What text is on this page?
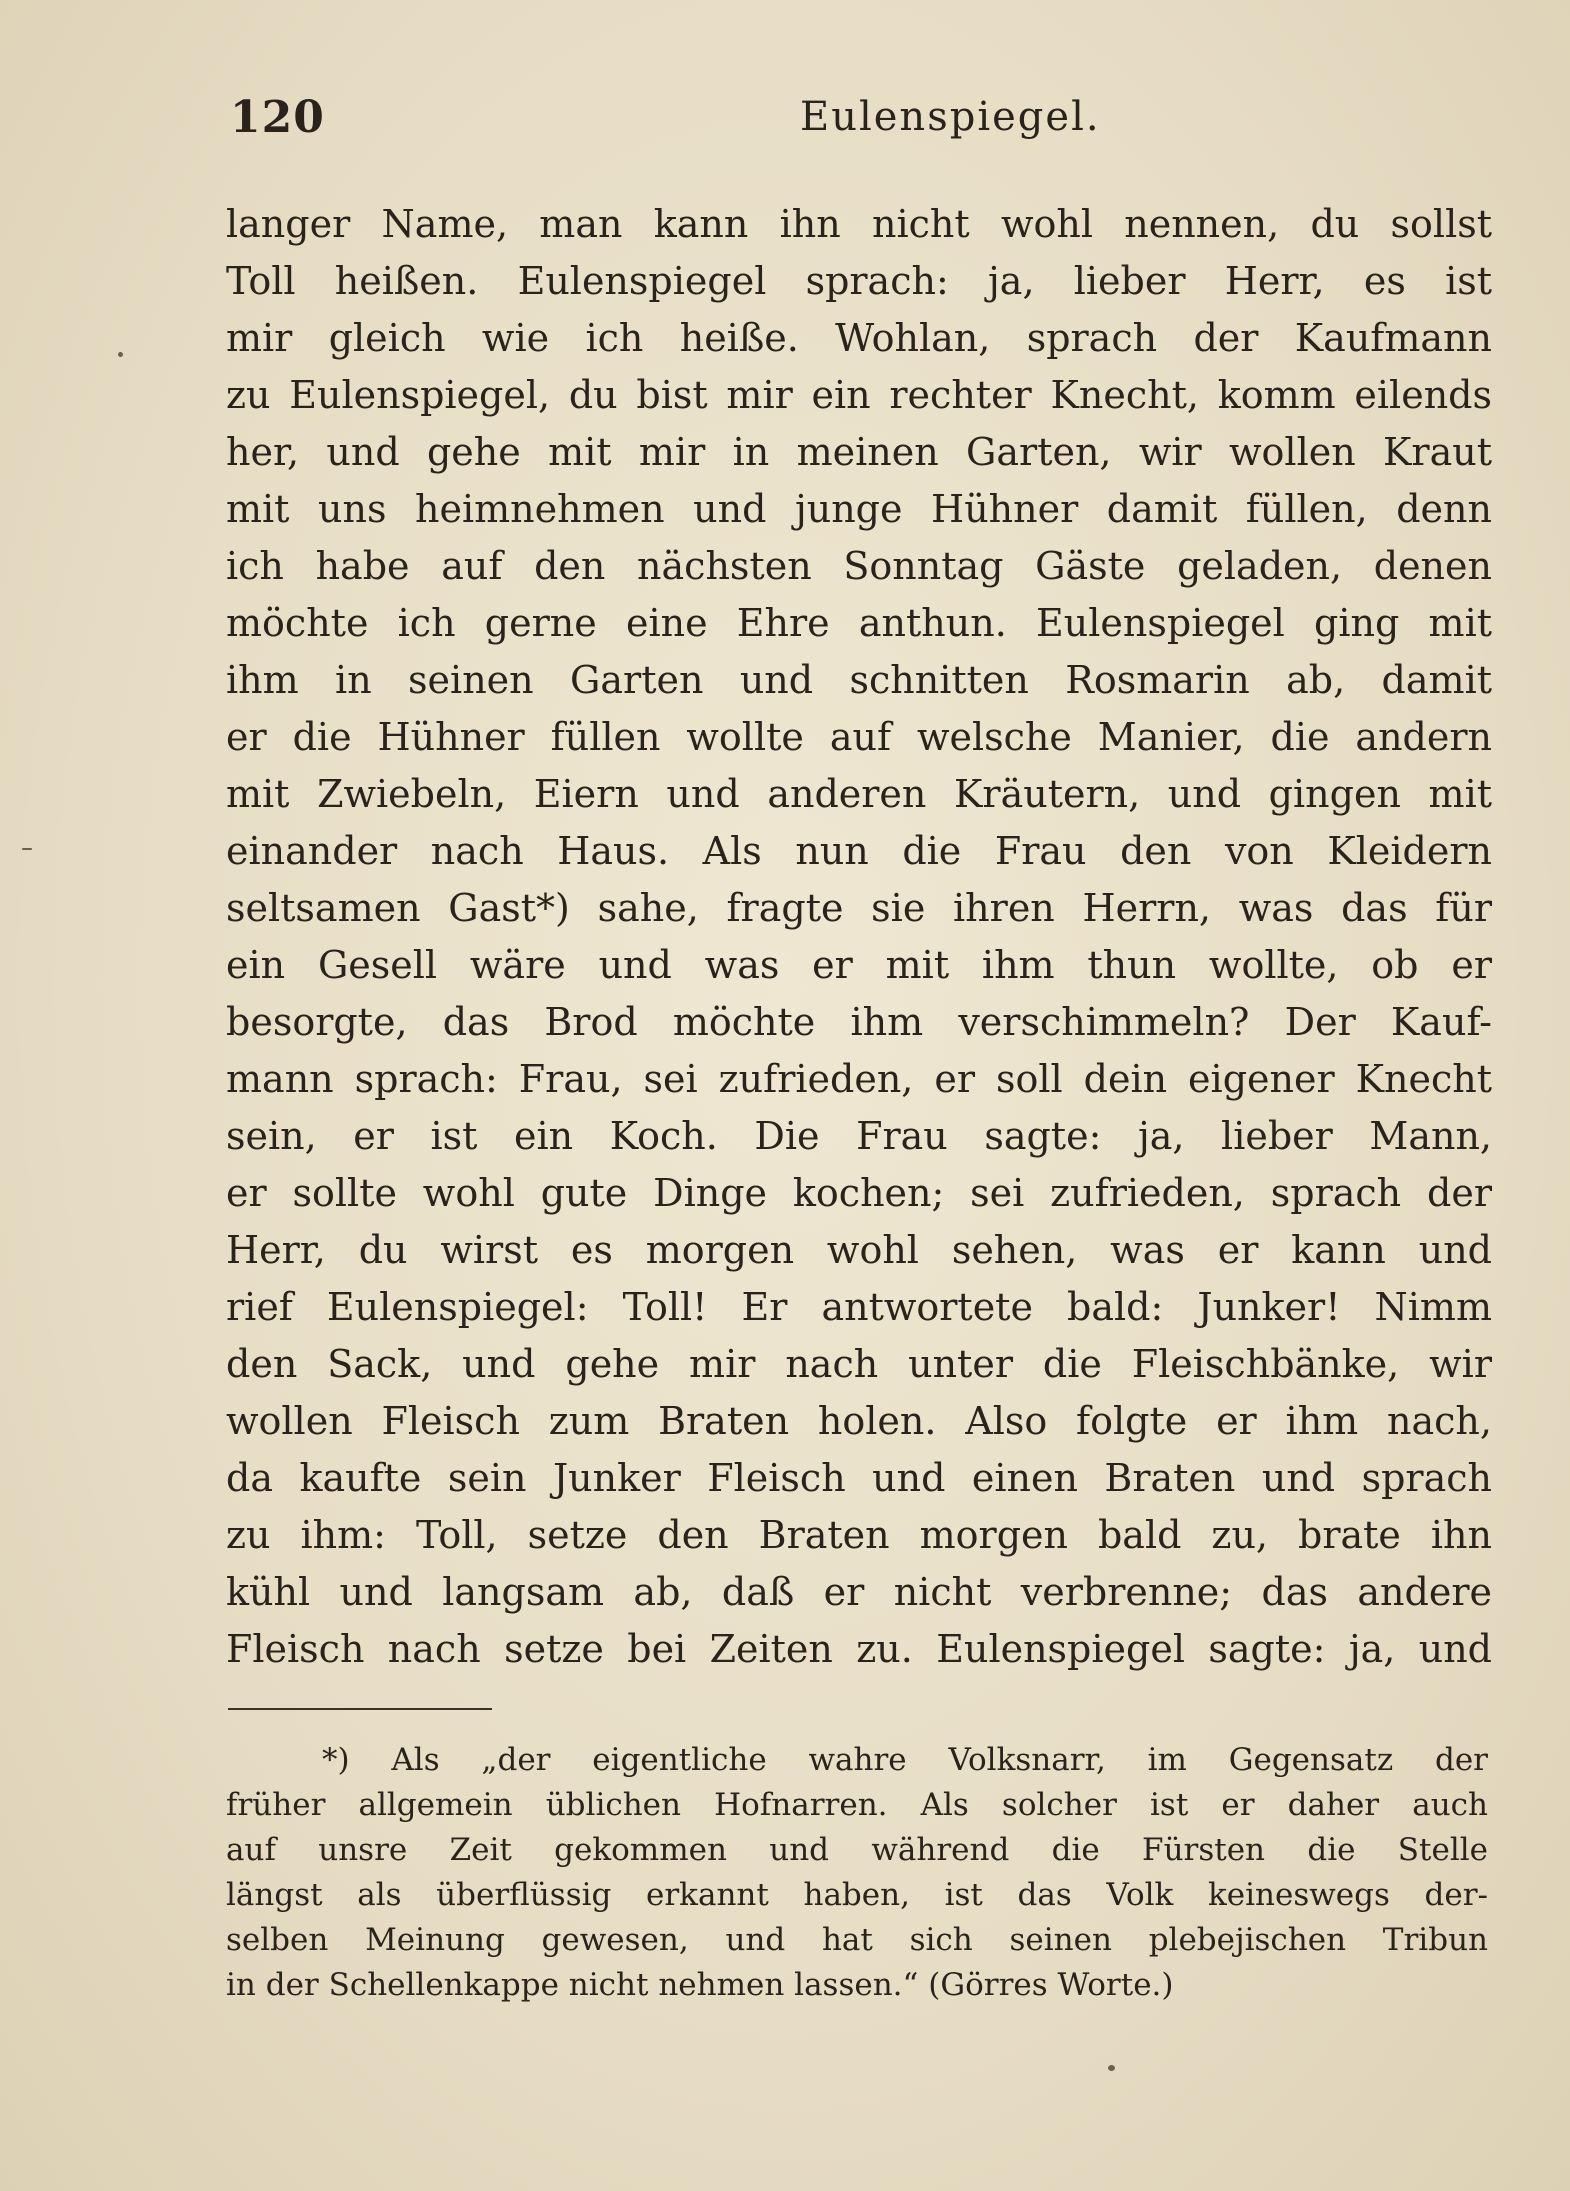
120	Eulenspiegel.
langer Name, man kann ihn nicht wohl nennen, du sollst
Toll heißen. Eulenspiegel sprach: ja, lieber Herr, es ist
mir gleich wie ich heiße. Wohlan, sprach der Kaufmann
zu Eulenspiegel, du bist mir ein rechter Knecht, komm eilends
her, und gehe mit mir in meinen Garten, wir wollen Kraut
mit uns heimnehmen und junge Hühner damit füllen, denn
ich habe auf den nächsten Sonntag Gäste geladen, denen
möchte ich gerne eine Ehre anthun. Eulenspiegel ging mit
ihm in seinen Garten und schnitten Rosmarin ab, damit
er die Hühner füllen wollte auf welsche Manier, die andern
mit Zwiebeln, Eiern und anderen Kräutern, und gingen mit
einander nach Haus. Als nun die Frau den von Kleidern
seltsamen Gast*) sahe, fragte sie ihren Herrn, was das für
ein Gesell wäre und was er mit ihm thun wollte, ob er
besorgte, das Brod möchte ihm verschimmeln? Der Kauf-
mann sprach: Frau, sei zufrieden, er soll dein eigener Knecht
sein, er ist ein Koch. Die Frau sagte: ja, lieber Mann,
er sollte wohl gute Dinge kochen; sei zufrieden, sprach der
Herr, du wirst es morgen wohl sehen, was er kann und
rief Eulenspiegel: Toll! Er antwortete bald: Junker! Nimm
den Sack, und gehe mir nach unter die Fleischbänke, wir
wollen Fleisch zum Braten holen. Also folgte er ihm nach,
da kaufte sein Junker Fleisch und einen Braten und sprach
zu ihm: Toll, setze den Braten morgen bald zu, brate ihn
kühl und langsam ab, daß er nicht verbrenne; das andere
Fleisch nach setze bei Zeiten zu. Eulenspiegel sagte: ja, und
*) Als „der eigentliche wahre Volksnarr, im Gegensatz der
früher allgemein üblichen Hofnarren. Als solcher ist er daher auch
auf unsre Zeit gekommen und während die Fürsten die Stelle
längst als überflüssig erkannt haben, ist das Volk keineswegs der-
selben Meinung gewesen, und hat sich seinen plebejischen Tribun
in der Schellenkappe nicht nehmen lassen.“ (Görres Worte.)
